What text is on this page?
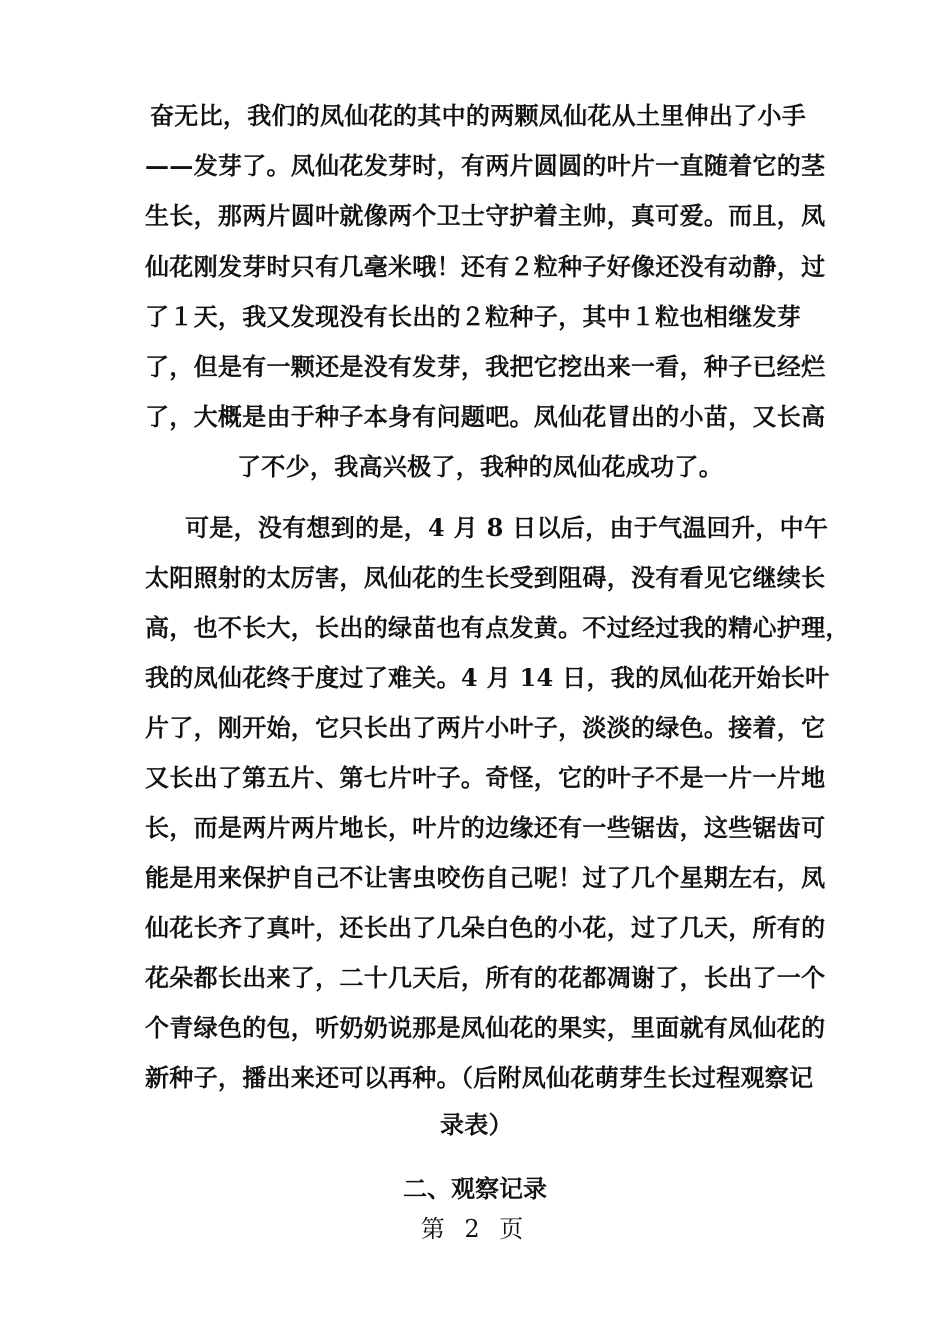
奋无比，我们的凤仙花的其中的两颗凤仙花从土里伸出了小手
——发芽了。凤仙花发芽时，有两片圆圆的叶片一直随着它的茎
生长，那两片圆叶就像两个卫士守护着主帅，真可爱。而且，凤
仙花刚发芽时只有几毫米哦！还有２粒种子好像还没有动静，过
了１天，我又发现没有长出的２粒种子，其中１粒也相继发芽
了，但是有一颗还是没有发芽，我把它挖出来一看，种子已经烂
了，大概是由于种子本身有问题吧。凤仙花冒出的小苗，又长高
了不少，我高兴极了，我种的凤仙花成功了。
可是，没有想到的是，4 月 8 日以后，由于气温回升，中午
太阳照射的太厉害，凤仙花的生长受到阻碍，没有看见它继续长
高，也不长大，长出的绿苗也有点发黄。不过经过我的精心护理，
我的凤仙花终于度过了难关。4 月 14 日，我的凤仙花开始长叶
片了，刚开始，它只长出了两片小叶子，淡淡的绿色。接着，它
又长出了第五片、第七片叶子。奇怪，它的叶子不是一片一片地
长，而是两片两片地长，叶片的边缘还有一些锯齿，这些锯齿可
能是用来保护自己不让害虫咬伤自己呢！过了几个星期左右，凤
仙花长齐了真叶，还长出了几朵白色的小花，过了几天，所有的
花朵都长出来了，二十几天后，所有的花都凋谢了，长出了一个
个青绿色的包，听奶奶说那是凤仙花的果实，里面就有凤仙花的
新种子，播出来还可以再种。（后附凤仙花萌芽生长过程观察记
录表）
二、观察记录
第 2 页
